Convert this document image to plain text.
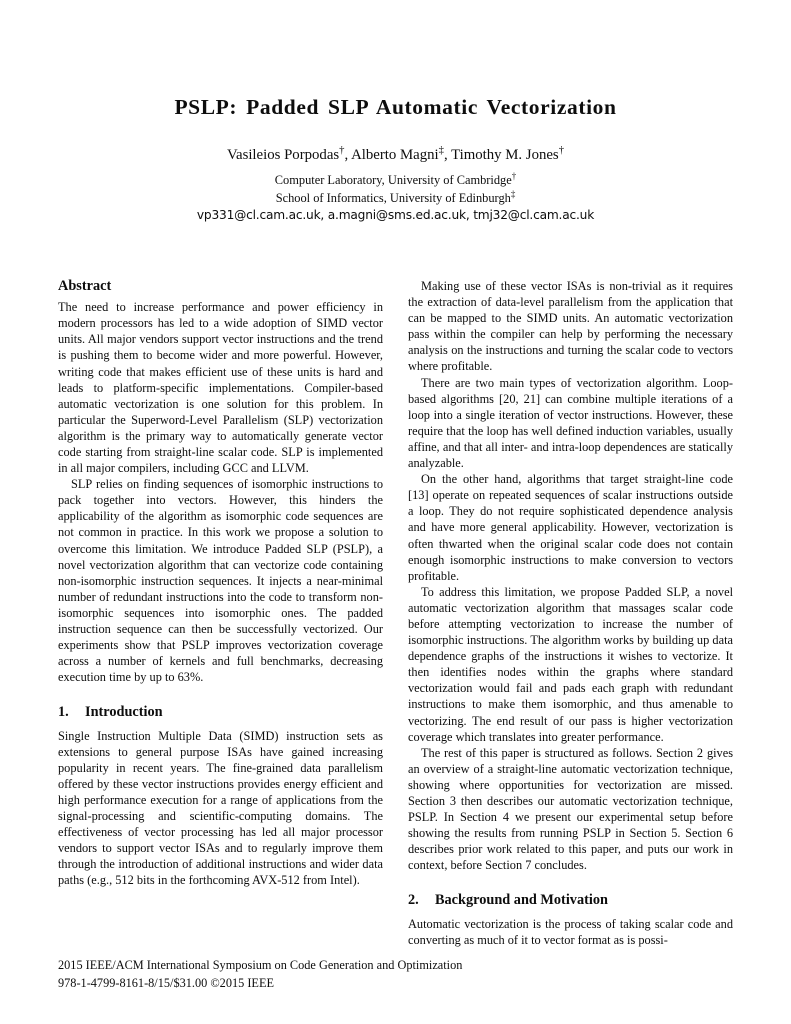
PSLP: Padded SLP Automatic Vectorization
Vasileios Porpodas†, Alberto Magni‡, Timothy M. Jones†
Computer Laboratory, University of Cambridge†
School of Informatics, University of Edinburgh‡
vp331@cl.cam.ac.uk, a.magni@sms.ed.ac.uk, tmj32@cl.cam.ac.uk
Abstract

The need to increase performance and power efficiency in modern processors has led to a wide adoption of SIMD vector units. All major vendors support vector instructions and the trend is pushing them to become wider and more powerful. However, writing code that makes efficient use of these units is hard and leads to platform-specific implementations. Compiler-based automatic vectorization is one solution for this problem. In particular the Superword-Level Parallelism (SLP) vectorization algorithm is the primary way to automatically generate vector code starting from straight-line scalar code. SLP is implemented in all major compilers, including GCC and LLVM.

SLP relies on finding sequences of isomorphic instructions to pack together into vectors. However, this hinders the applicability of the algorithm as isomorphic code sequences are not common in practice. In this work we propose a solution to overcome this limitation. We introduce Padded SLP (PSLP), a novel vectorization algorithm that can vectorize code containing non-isomorphic instruction sequences. It injects a near-minimal number of redundant instructions into the code to transform non-isomorphic sequences into isomorphic ones. The padded instruction sequence can then be successfully vectorized. Our experiments show that PSLP improves vectorization coverage across a number of kernels and full benchmarks, decreasing execution time by up to 63%.

1. Introduction

Single Instruction Multiple Data (SIMD) instruction sets as extensions to general purpose ISAs have gained increasing popularity in recent years. The fine-grained data parallelism offered by these vector instructions provides energy efficient and high performance execution for a range of applications from the signal-processing and scientific-computing domains. The effectiveness of vector processing has led all major processor vendors to support vector ISAs and to regularly improve them through the introduction of additional instructions and wider data paths (e.g., 512 bits in the forthcoming AVX-512 from Intel).

Making use of these vector ISAs is non-trivial as it requires the extraction of data-level parallelism from the application that can be mapped to the SIMD units. An automatic vectorization pass within the compiler can help by performing the necessary analysis on the instructions and turning the scalar code to vectors where profitable.

There are two main types of vectorization algorithm. Loop-based algorithms [20, 21] can combine multiple iterations of a loop into a single iteration of vector instructions. However, these require that the loop has well defined induction variables, usually affine, and that all inter- and intra-loop dependences are statically analyzable.

On the other hand, algorithms that target straight-line code [13] operate on repeated sequences of scalar instructions outside a loop. They do not require sophisticated dependence analysis and have more general applicability. However, vectorization is often thwarted when the original scalar code does not contain enough isomorphic instructions to make conversion to vectors profitable.

To address this limitation, we propose Padded SLP, a novel automatic vectorization algorithm that massages scalar code before attempting vectorization to increase the number of isomorphic instructions. The algorithm works by building up data dependence graphs of the instructions it wishes to vectorize. It then identifies nodes within the graphs where standard vectorization would fail and pads each graph with redundant instructions to make them isomorphic, and thus amenable to vectorizing. The end result of our pass is higher vectorization coverage which translates into greater performance.

The rest of this paper is structured as follows. Section 2 gives an overview of a straight-line automatic vectorization technique, showing where opportunities for vectorization are missed. Section 3 then describes our automatic vectorization technique, PSLP. In Section 4 we present our experimental setup before showing the results from running PSLP in Section 5. Section 6 describes prior work related to this paper, and puts our work in context, before Section 7 concludes.

2. Background and Motivation

Automatic vectorization is the process of taking scalar code and converting as much of it to vector format as is possi-

2015 IEEE/ACM International Symposium on Code Generation and Optimization
978-1-4799-8161-8/15/$31.00 ©2015 IEEE
